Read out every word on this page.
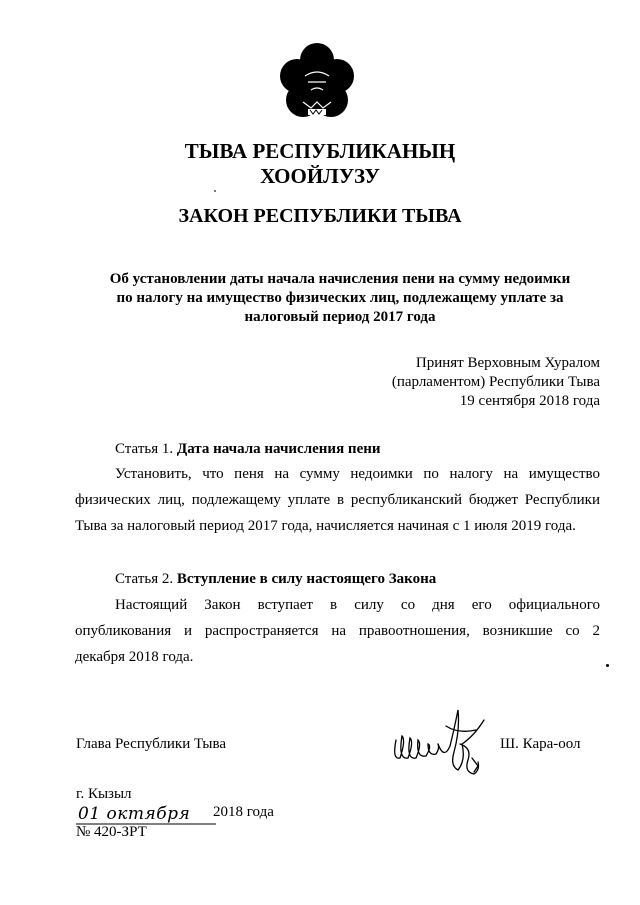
ТЫВА РЕСПУБЛИКАНЫҢ
ХООЙЛУЗУ
ЗАКОН РЕСПУБЛИКИ ТЫВА
Об установлении даты начала начисления пени на сумму недоимки
по налогу на имущество физических лиц, подлежащему уплате за
налоговый период 2017 года
Принят Верховным Хуралом
(парламентом) Республики Тыва
19 сентября 2018 года
Статья 1. Дата начала начисления пени
Установить, что пеня на сумму недоимки по налогу на имущество
физических лиц, подлежащему уплате в республиканский бюджет Республики
Тыва за налоговый период 2017 года, начисляется начиная с 1 июля 2019 года.
Статья 2. Вступление в силу настоящего Закона
Настоящий Закон вступает в силу со дня его официального
опубликования и распространяется на правоотношения, возникшие со 2
декабря 2018 года.
Глава Республики Тыва	Ш. Кара-оол
г. Кызыл
01 октября 2018 года
№ 420-ЗРТ
